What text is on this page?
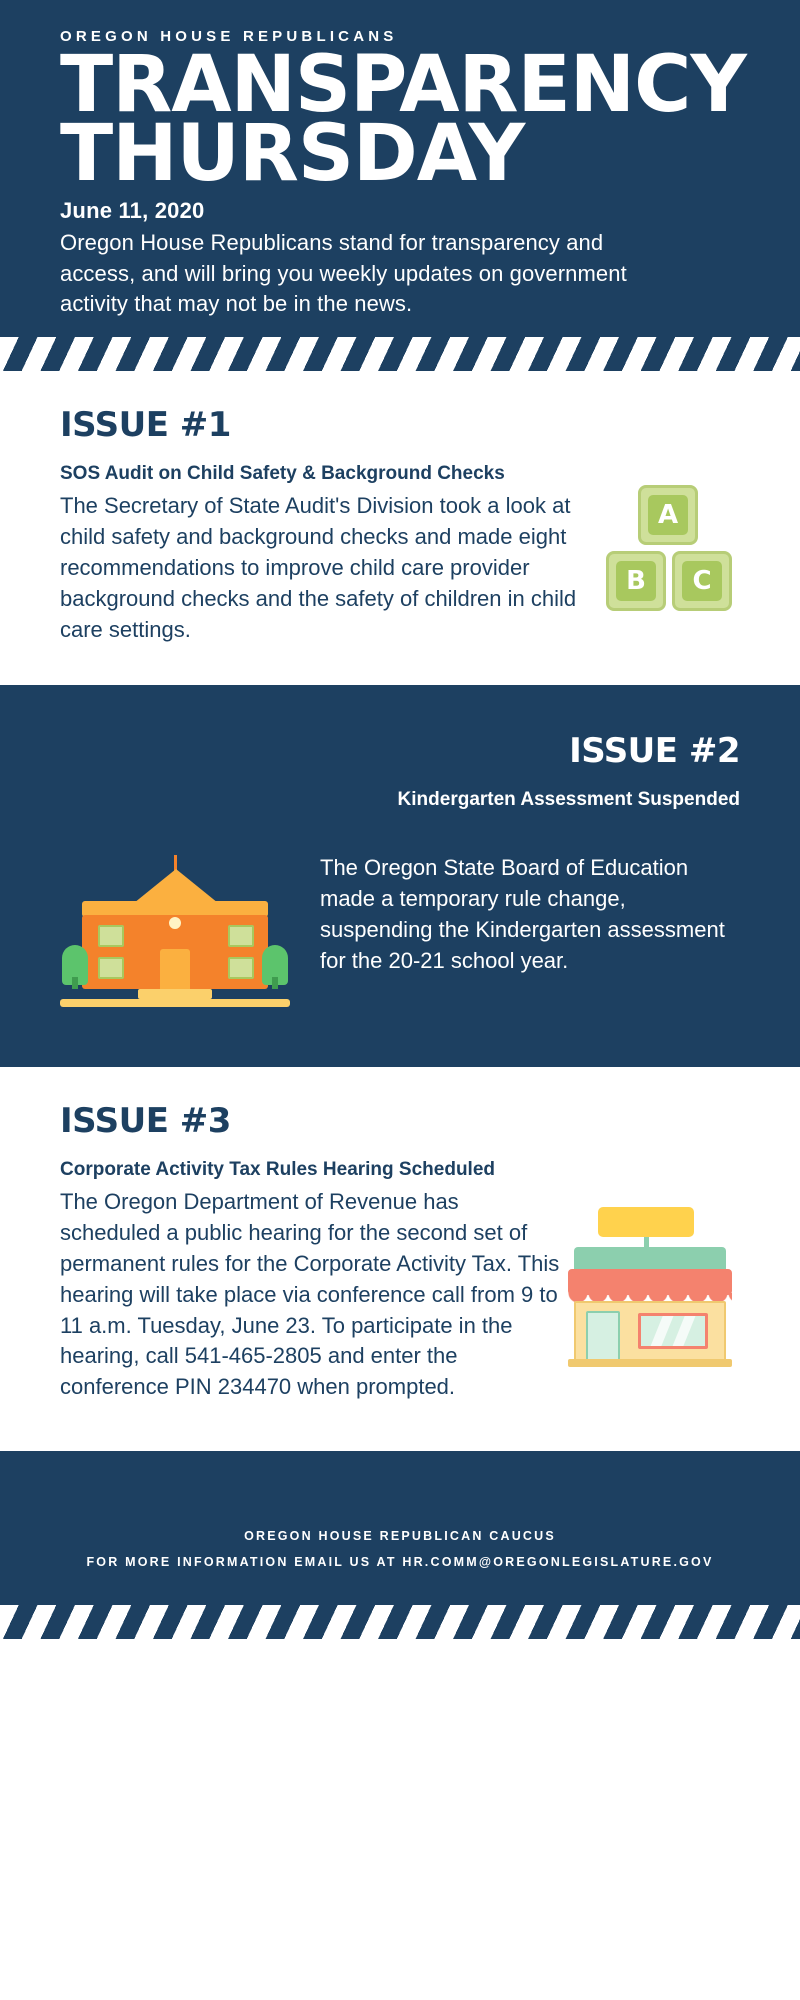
OREGON HOUSE REPUBLICANS
TRANSPARENCY
THURSDAY
June 11, 2020
Oregon House Republicans stand for transparency and access, and will bring you weekly updates on government activity that may not be in the news.
ISSUE #1
SOS Audit on Child Safety & Background Checks
The Secretary of State Audit's Division took a look at child safety and background checks and made eight recommendations to improve child care provider background checks and the safety of children in child care settings.
A
B	C
ISSUE #2
Kindergarten Assessment Suspended
The Oregon State Board of Education made a temporary rule change, suspending the Kindergarten assessment for the 20-21 school year.
ISSUE #3
Corporate Activity Tax Rules Hearing Scheduled
The Oregon Department of Revenue has scheduled a public hearing for the second set of permanent rules for the Corporate Activity Tax. This hearing will take place via conference call from 9 to 11 a.m. Tuesday, June 23. To participate in the hearing, call 541-465-2805 and enter the conference PIN 234470 when prompted.
OREGON HOUSE REPUBLICAN CAUCUS
FOR MORE INFORMATION EMAIL US AT HR.COMM@OREGONLEGISLATURE.GOV
